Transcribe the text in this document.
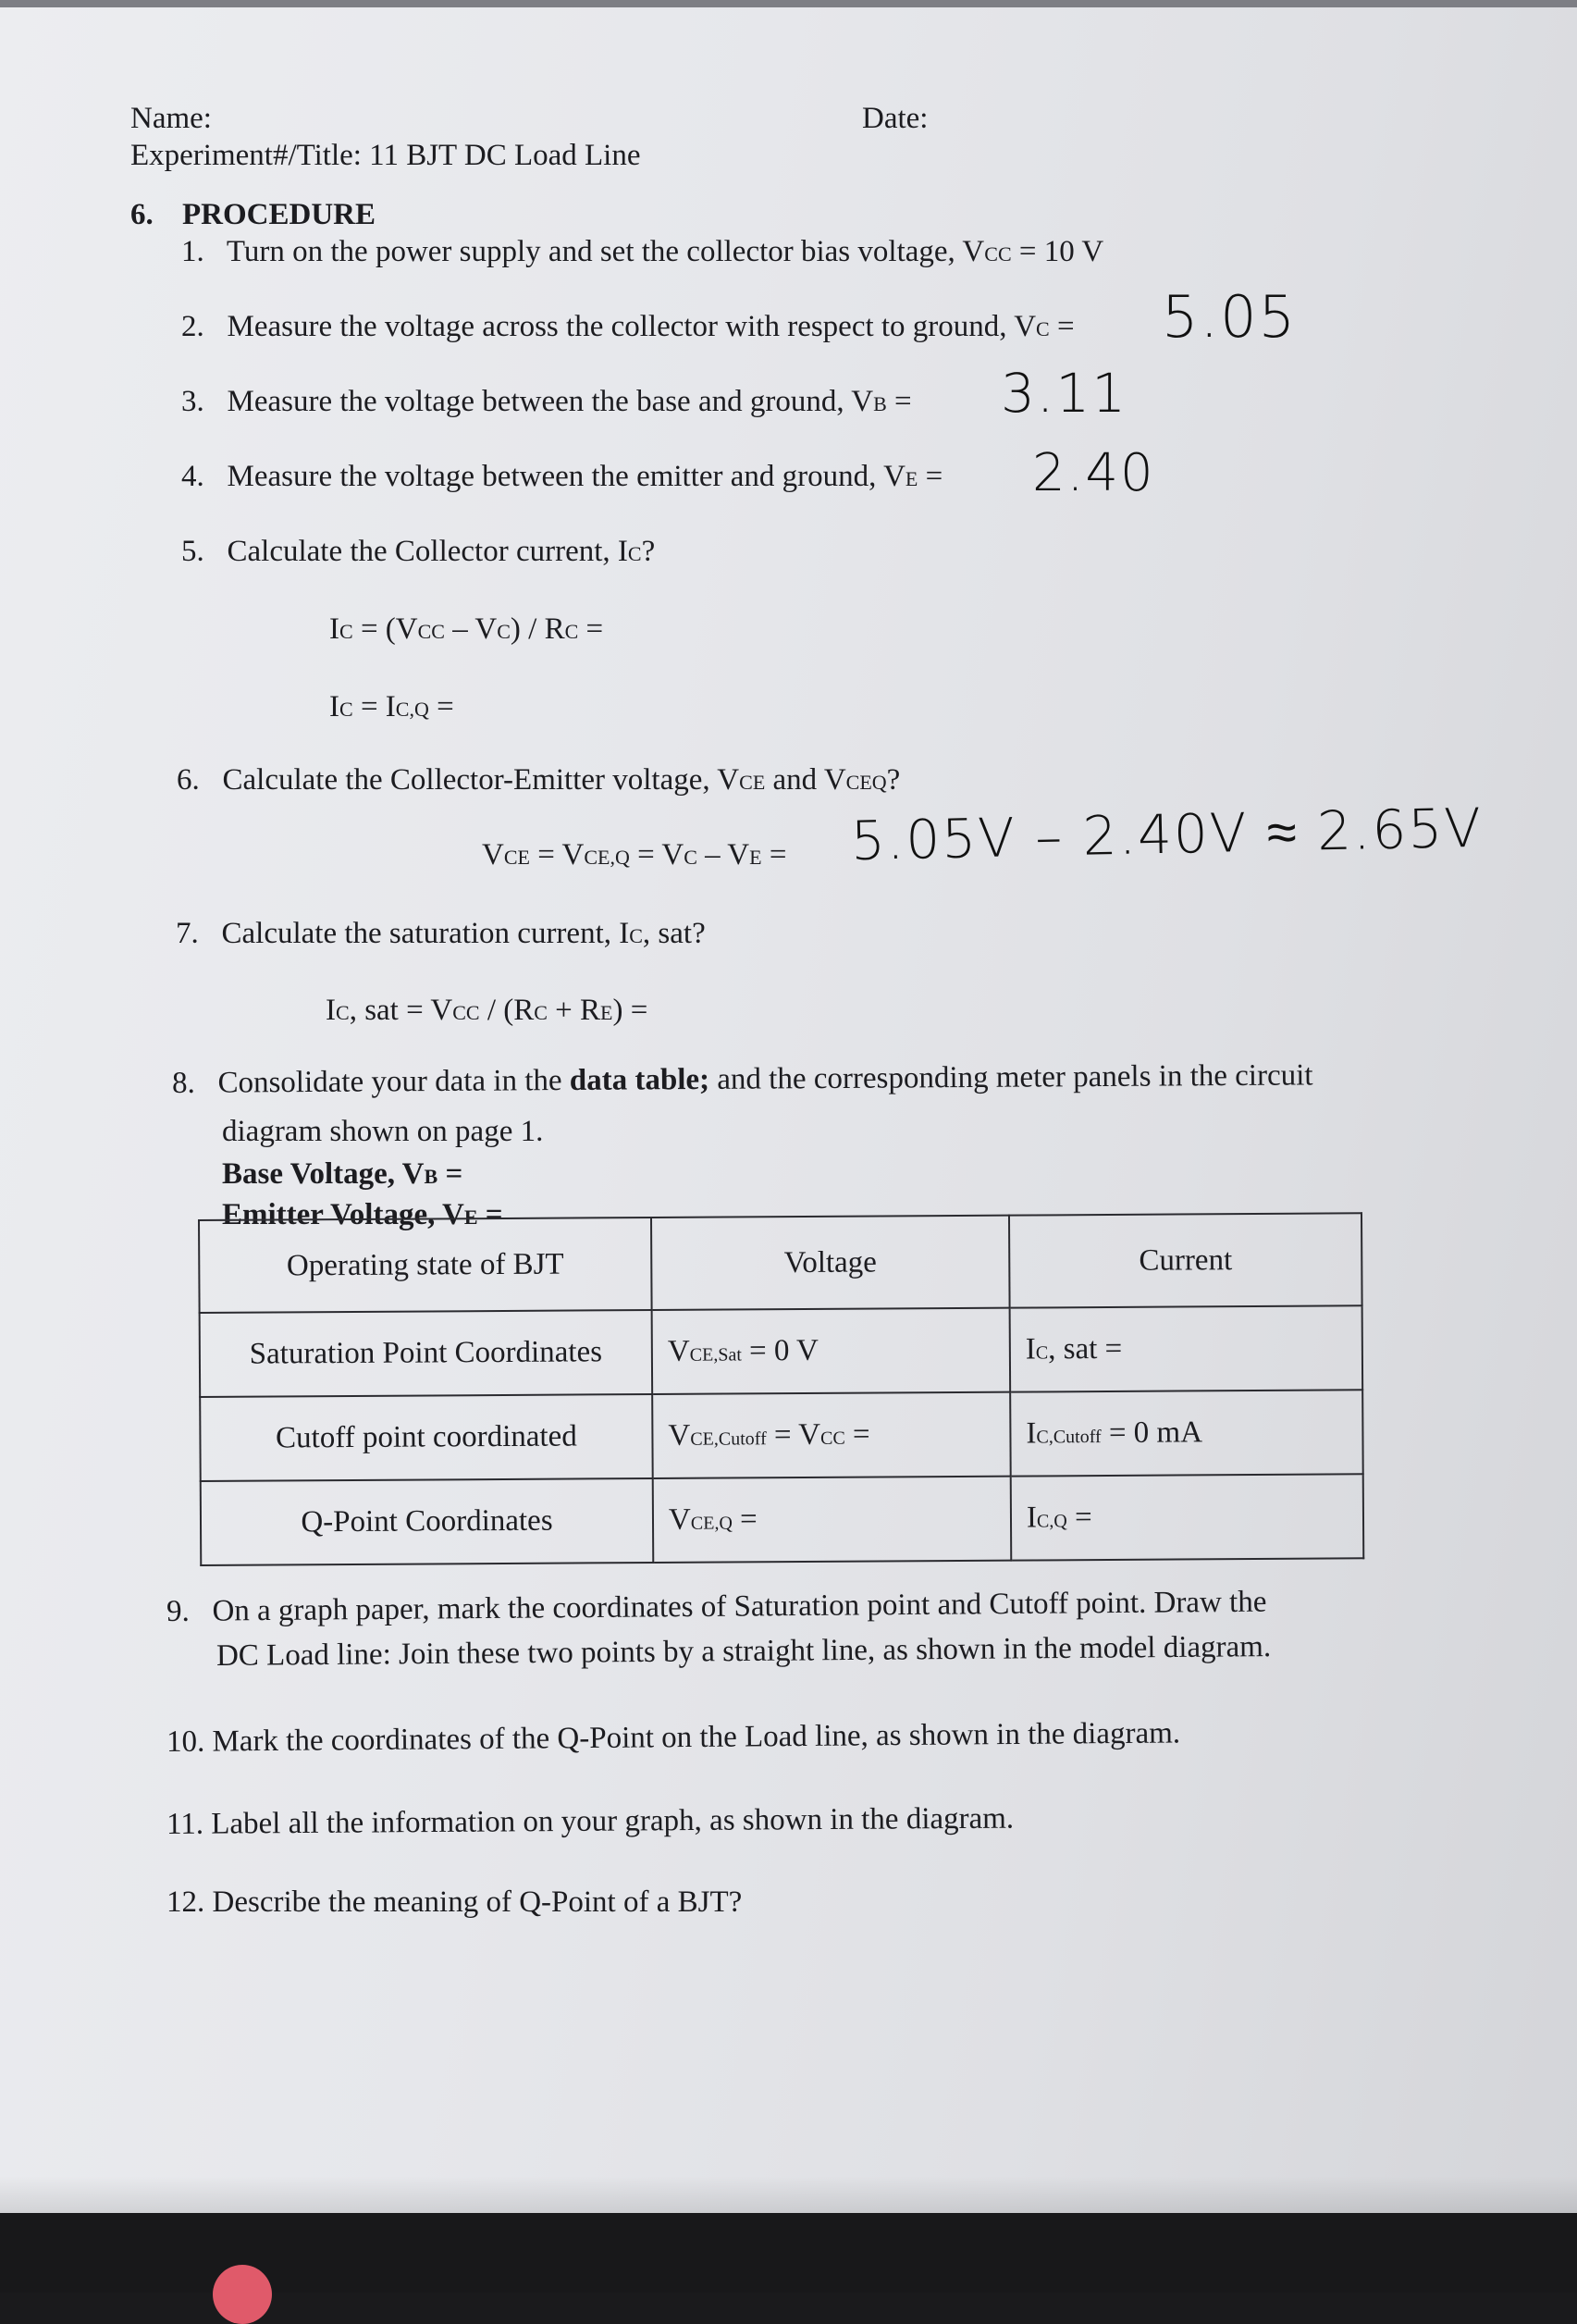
Name:	Date:
Experiment#/Title: 11 BJT DC Load Line
6. PROCEDURE
1. Turn on the power supply and set the collector bias voltage, VCC = 10 V
2. Measure the voltage across the collector with respect to ground, VC = 5.05
3. Measure the voltage between the base and ground, VB = 3.11
4. Measure the voltage between the emitter and ground, VE = 2.40
5. Calculate the Collector current, IC?
IC = (VCC – VC) / RC =
IC = IC,Q =
6. Calculate the Collector-Emitter voltage, VCE and VCEQ?
VCE = VCE,Q = VC – VE = 5.05V – 2.40V ≈ 2.65V
7. Calculate the saturation current, IC, sat?
IC, sat = VCC / (RC + RE) =
8. Consolidate your data in the data table; and the corresponding meter panels in the circuit
diagram shown on page 1.
Base Voltage, VB =
Emitter Voltage, VE =
Operating state of BJT	Voltage	Current
Saturation Point Coordinates	VCE,Sat = 0 V	IC, sat =
Cutoff point coordinated	VCE,Cutoff = VCC =	IC,Cutoff = 0 mA
Q-Point Coordinates	VCE,Q =	IC,Q =
9. On a graph paper, mark the coordinates of Saturation point and Cutoff point. Draw the
DC Load line: Join these two points by a straight line, as shown in the model diagram.
10. Mark the coordinates of the Q-Point on the Load line, as shown in the diagram.
11. Label all the information on your graph, as shown in the diagram.
12. Describe the meaning of Q-Point of a BJT?
